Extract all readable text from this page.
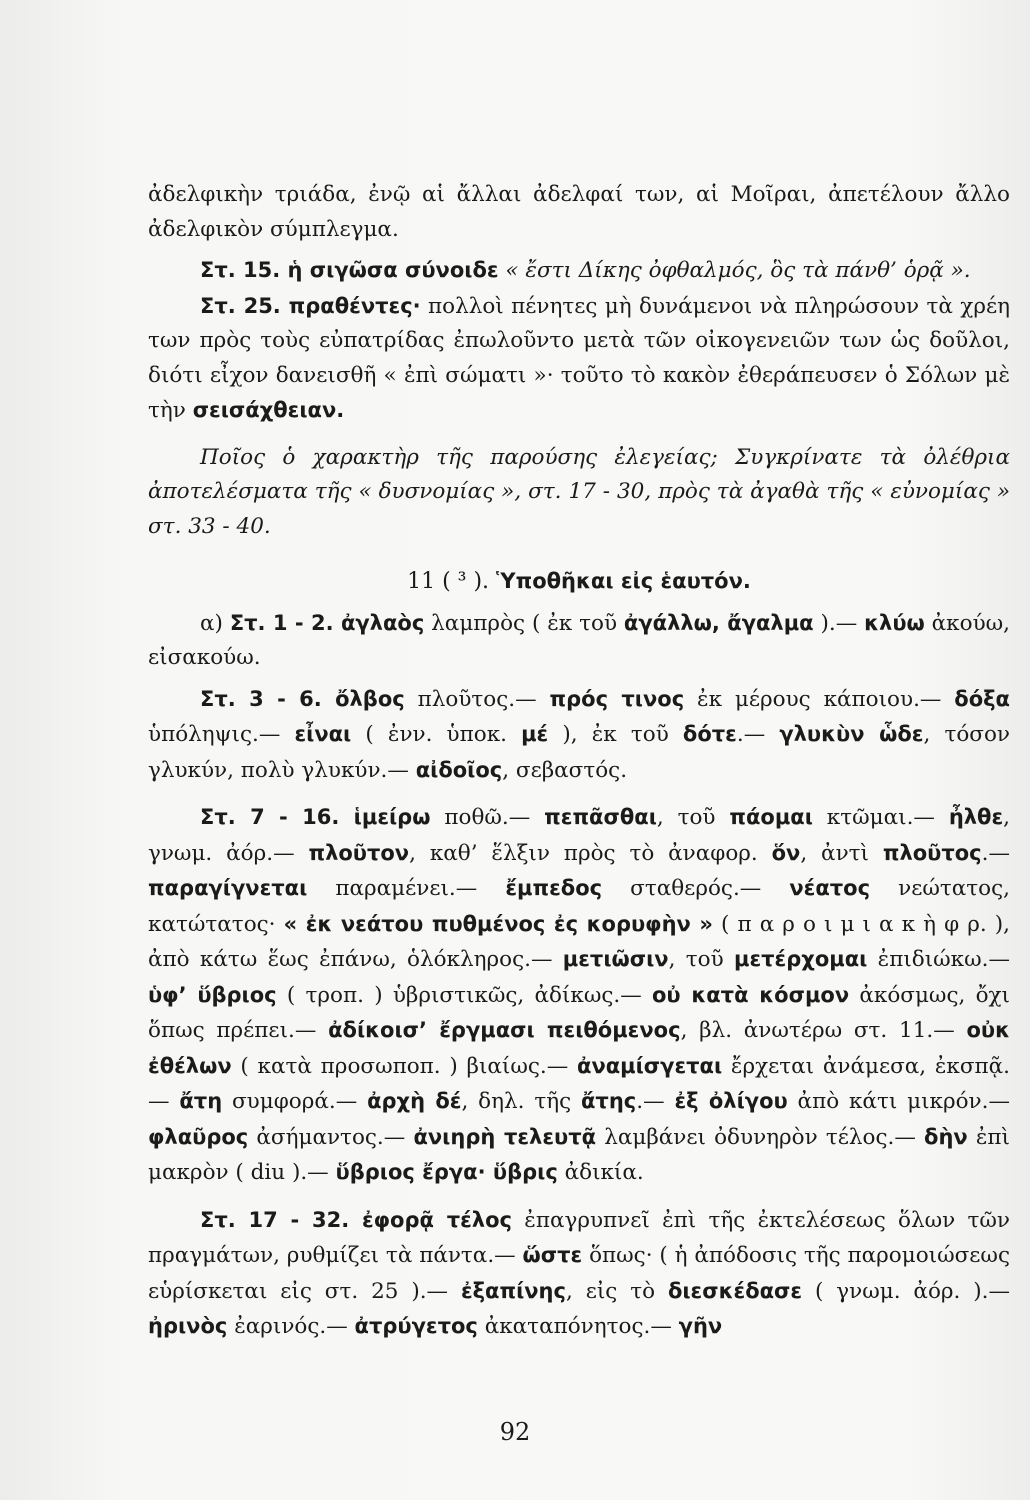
ἀδελφικὴν τριάδα, ἐνῷ αἱ ἄλλαι ἀδελφαί των, αἱ Μοῖραι, ἀπετέλουν ἄλλο ἀδελφικὸν σύμπλεγμα.

Στ. 15. ἡ σιγῶσα σύνοιδε « ἔστι Δίκης ὀφθαλμός, ὃς τὰ πάνθ’ ὁρᾷ ».

Στ. 25. πραθέντες· πολλοὶ πένητες μὴ δυνάμενοι νὰ πληρώσουν τὰ χρέη των πρὸς τοὺς εὐπατρίδας ἐπωλοῦντο μετὰ τῶν οἰκογενειῶν των ὡς δοῦλοι, διότι εἶχον δανεισθῆ « ἐπὶ σώματι »· τοῦτο τὸ κακὸν ἐθεράπευσεν ὁ Σόλων μὲ τὴν σεισάχθειαν.

Ποῖος ὁ χαρακτὴρ τῆς παρούσης ἐλεγείας; Συγκρίνατε τὰ ὀλέθρια ἀποτελέσματα τῆς « δυσνομίας », στ. 17 - 30, πρὸς τὰ ἀγαθὰ τῆς « εὐνομίας » στ. 33 - 40.

11 ( ³ ). Ὑποθῆκαι εἰς ἑαυτόν.

α) Στ. 1 - 2. ἀγλαὸς λαμπρὸς ( ἐκ τοῦ ἀγάλλω, ἄγαλμα ).— κλύω ἀκούω, εἰσακούω.

Στ. 3 - 6. ὄλβος πλοῦτος.— πρός τινος ἐκ μέρους κάποιου.— δόξα ὑπόληψις.— εἶναι ( ἐνν. ὑποκ. μέ ), ἐκ τοῦ δότε.— γλυκὺν ὧδε, τόσον γλυκύν, πολὺ γλυκύν.— αἰδοῖος, σεβαστός.

Στ. 7 - 16. ἱμείρω ποθῶ.— πεπᾶσθαι, τοῦ πάομαι κτῶμαι.— ἦλθε, γνωμ. ἀόρ.— πλοῦτον, καθ’ ἕλξιν πρὸς τὸ ἀναφορ. ὅν, ἀντὶ πλοῦτος.— παραγίγνεται παραμένει.— ἔμπεδος σταθερός.— νέατος νεώτατος, κατώτατος· « ἐκ νεάτου πυθμένος ἐς κορυφὴν » ( π α ρ ο ι μ ι α κ ὴ φ ρ. ), ἀπὸ κάτω ἕως ἐπάνω, ὁλόκληρος.— μετιῶσιν, τοῦ μετέρχομαι ἐπιδιώκω.— ὑφ’ ὕβριος ( τροπ. ) ὑβριστικῶς, ἀδίκως.— οὐ κατὰ κόσμον ἀκόσμως, ὄχι ὅπως πρέπει.— ἀδίκοισ’ ἔργμασι πειθόμενος, βλ. ἀνωτέρω στ. 11.— οὐκ ἐθέλων ( κατὰ προσωποπ. ) βιαίως.— ἀναμίσγεται ἔρχεται ἀνάμεσα, ἐκσπᾷ.— ἄτη συμφορά.— ἀρχὴ δέ, δηλ. τῆς ἄτης.— ἐξ ὀλίγου ἀπὸ κάτι μικρόν.— φλαῦρος ἀσήμαντος.— ἀνιηρὴ τελευτᾷ λαμβάνει ὀδυνηρὸν τέλος.— δὴν ἐπὶ μακρὸν ( diu ).— ὕβριος ἔργα· ὕβρις ἀδικία.

Στ. 17 - 32. ἐφορᾷ τέλος ἐπαγρυπνεῖ ἐπὶ τῆς ἐκτελέσεως ὅλων τῶν πραγμάτων, ρυθμίζει τὰ πάντα.— ὥστε ὅπως· ( ἡ ἀπόδοσις τῆς παρομοιώσεως εὑρίσκεται εἰς στ. 25 ).— ἐξαπίνης, εἰς τὸ διεσκέδασε ( γνωμ. ἀόρ. ).— ἠρινὸς ἐαρινός.— ἀτρύγετος ἀκαταπόνητος.— γῆν

92
